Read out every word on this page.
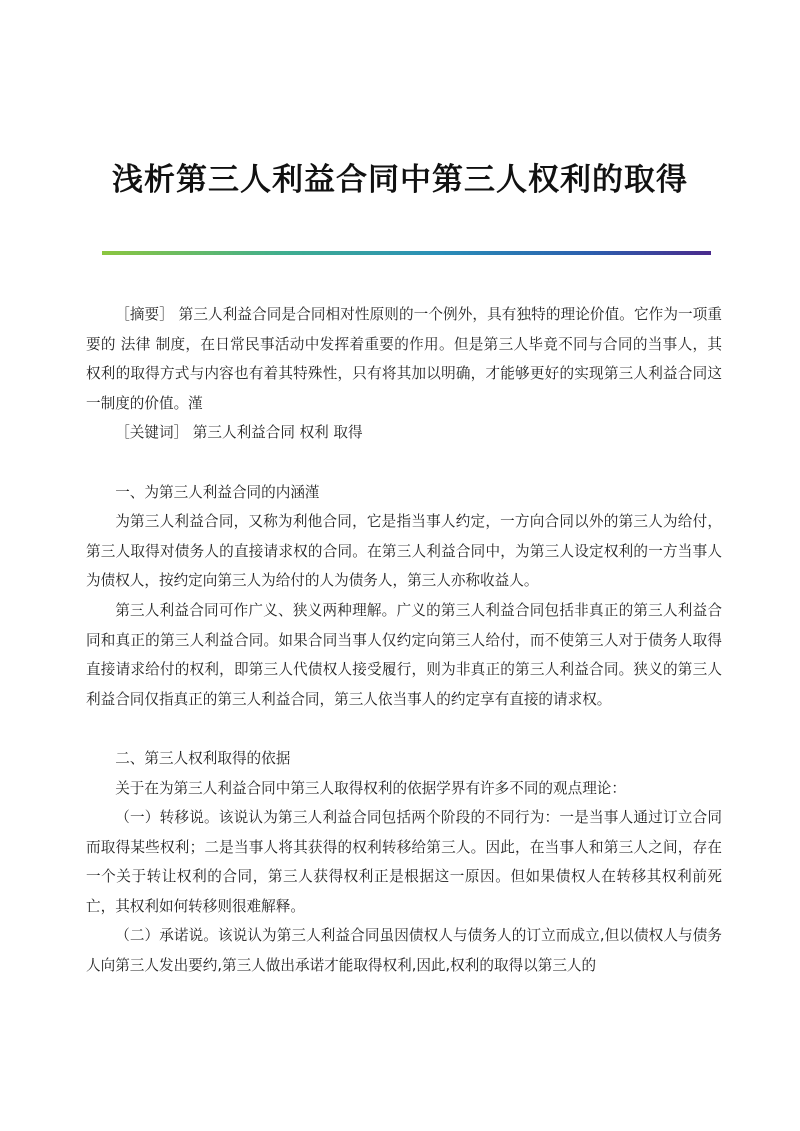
浅析第三人利益合同中第三人权利的取得

［摘要］ 第三人利益合同是合同相对性原则的一个例外，具有独特的理论价值。它作为一项重要的 法律 制度，在日常民事活动中发挥着重要的作用。但是第三人毕竟不同与合同的当事人，其权利的取得方式与内容也有着其特殊性，只有将其加以明确，才能够更好的实现第三人利益合同这一制度的价值。漌

［关键词］ 第三人利益合同 权利 取得

一、为第三人利益合同的内涵漌

为第三人利益合同，又称为利他合同，它是指当事人约定，一方向合同以外的第三人为给付，第三人取得对债务人的直接请求权的合同。在第三人利益合同中，为第三人设定权利的一方当事人为债权人，按约定向第三人为给付的人为债务人，第三人亦称收益人。

第三人利益合同可作广义、狭义两种理解。广义的第三人利益合同包括非真正的第三人利益合同和真正的第三人利益合同。如果合同当事人仅约定向第三人给付，而不使第三人对于债务人取得直接请求给付的权利，即第三人代债权人接受履行，则为非真正的第三人利益合同。狭义的第三人利益合同仅指真正的第三人利益合同，第三人依当事人的约定享有直接的请求权。

二、第三人权利取得的依据

关于在为第三人利益合同中第三人取得权利的依据学界有许多不同的观点理论：

（一）转移说。该说认为第三人利益合同包括两个阶段的不同行为：一是当事人通过订立合同而取得某些权利；二是当事人将其获得的权利转移给第三人。因此，在当事人和第三人之间，存在一个关于转让权利的合同，第三人获得权利正是根据这一原因。但如果债权人在转移其权利前死亡，其权利如何转移则很难解释。

（二）承诺说。该说认为第三人利益合同虽因债权人与债务人的订立而成立,但以债权人与债务人向第三人发出要约,第三人做出承诺才能取得权利,因此,权利的取得以第三人的
